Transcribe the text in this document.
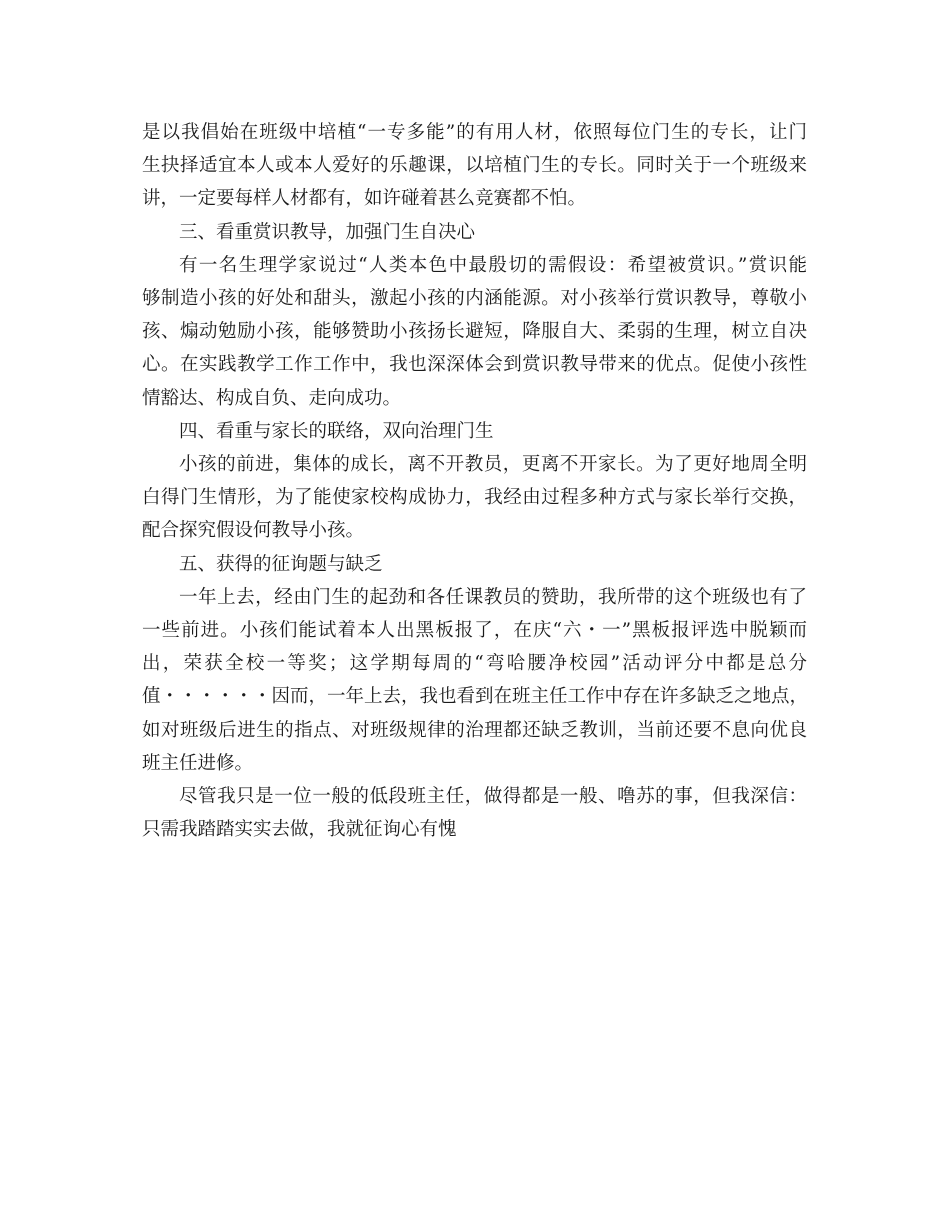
是以我倡始在班级中培植“一专多能”的有用人材，依照每位门生的专长，让门
生抉择适宜本人或本人爱好的乐趣课，以培植门生的专长。同时关于一个班级来
讲，一定要每样人材都有，如许碰着甚么竞赛都不怕。
三、看重赏识教导，加强门生自决心
有一名生理学家说过“人类本色中最殷切的需假设：希望被赏识。”赏识能
够制造小孩的好处和甜头，激起小孩的内涵能源。对小孩举行赏识教导，尊敬小
孩、煽动勉励小孩，能够赞助小孩扬长避短，降服自大、柔弱的生理，树立自决
心。在实践教学工作工作中，我也深深体会到赏识教导带来的优点。促使小孩性
情豁达、构成自负、走向成功。
四、看重与家长的联络，双向治理门生
小孩的前进，集体的成长，离不开教员，更离不开家长。为了更好地周全明
白得门生情形，为了能使家校构成协力，我经由过程多种方式与家长举行交换，
配合探究假设何教导小孩。
五、获得的征询题与缺乏
一年上去，经由门生的起劲和各任课教员的赞助，我所带的这个班级也有了
一些前进。小孩们能试着本人出黑板报了，在庆“六・一”黑板报评选中脱颖而
出，荣获全校一等奖；这学期每周的“弯哈腰净校园”活动评分中都是总分
值・・・・・・因而，一年上去，我也看到在班主任工作中存在许多缺乏之地点，
如对班级后进生的指点、对班级规律的治理都还缺乏教训，当前还要不息向优良
班主任进修。
尽管我只是一位一般的低段班主任，做得都是一般、噜苏的事，但我深信：
只需我踏踏实实去做，我就征询心有愧
